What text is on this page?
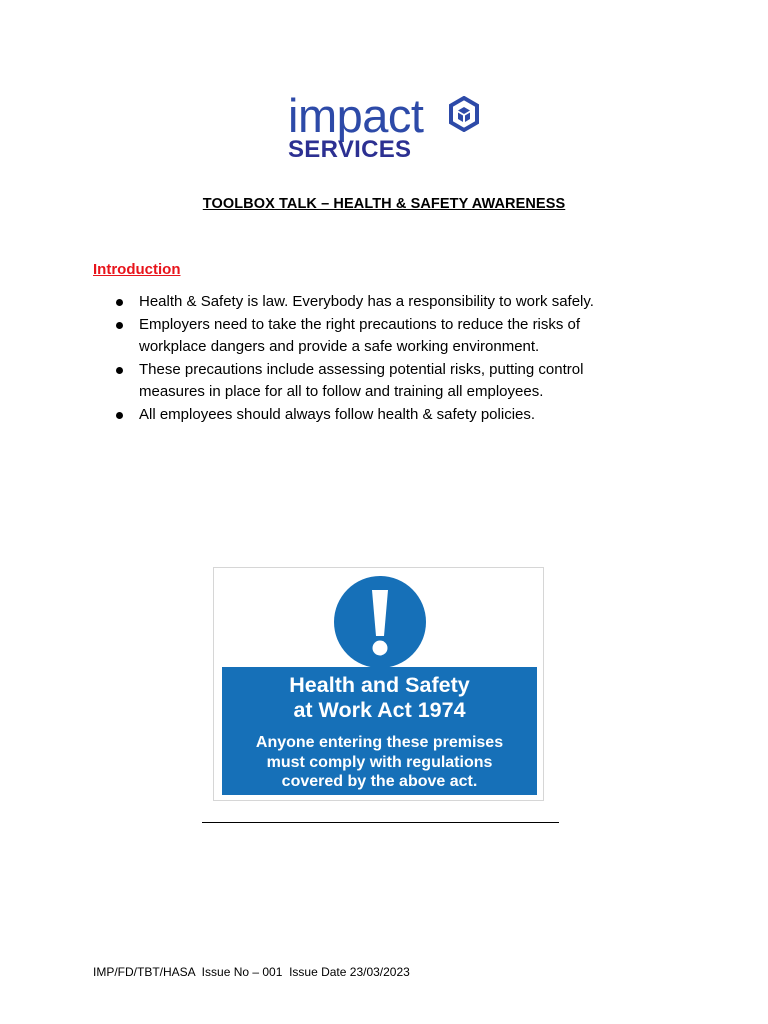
impact
SERVICES
TOOLBOX TALK – HEALTH & SAFETY AWARENESS
Introduction
Health & Safety is law. Everybody has a responsibility to work safely.
Employers need to take the right precautions to reduce the risks of workplace dangers and provide a safe working environment.
These precautions include assessing potential risks, putting control measures in place for all to follow and training all employees.
All employees should always follow health & safety policies.
Health and Safety
at Work Act 1974
Anyone entering these premises
must comply with regulations
covered by the above act.
IMP/FD/TBT/HASA  Issue No – 001  Issue Date 23/03/2023
